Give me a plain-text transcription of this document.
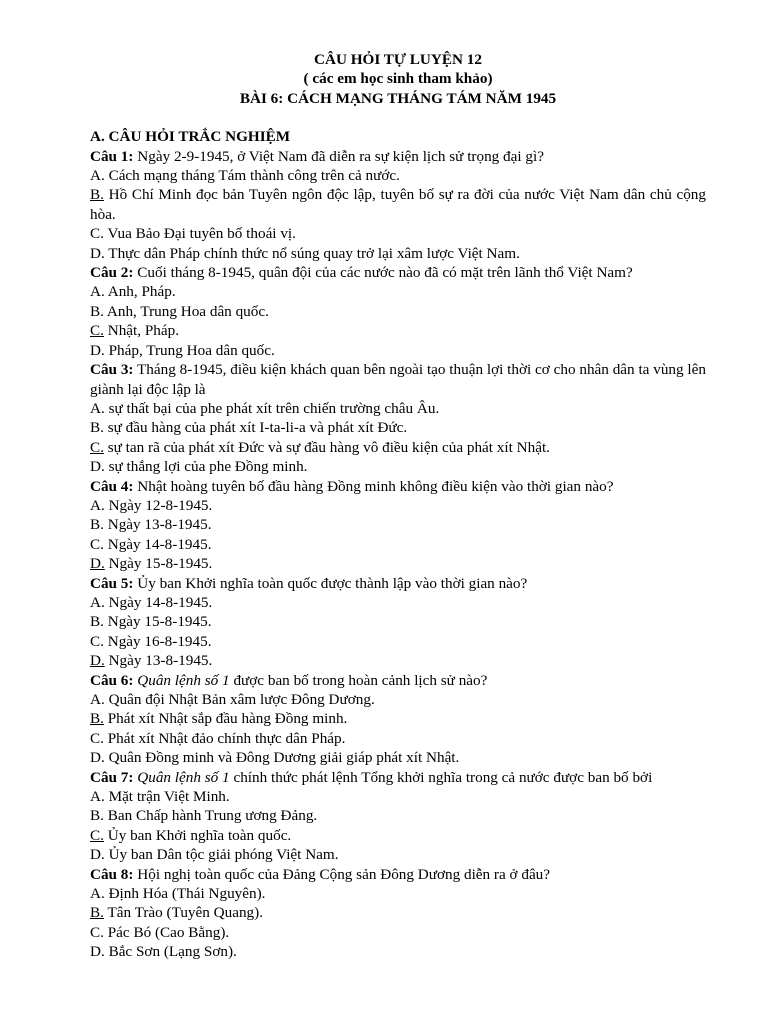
CÂU HỎI TỰ LUYỆN 12
( các em học sinh tham khảo)
BÀI 6: CÁCH MẠNG THÁNG TÁM NĂM 1945
A. CÂU HỎI TRẮC NGHIỆM
Câu 1: Ngày 2-9-1945, ở Việt Nam đã diễn ra sự kiện lịch sử trọng đại gì?
A. Cách mạng tháng Tám thành công trên cả nước.
B. Hồ Chí Minh đọc bản Tuyên ngôn độc lập, tuyên bố sự ra đời của nước Việt Nam dân chủ cộng hòa.
C. Vua Bảo Đại tuyên bố thoái vị.
D. Thực dân Pháp chính thức nổ súng quay trở lại xâm lược Việt Nam.
Câu 2: Cuối tháng 8-1945, quân đội của các nước nào đã có mặt trên lãnh thổ Việt Nam?
A. Anh, Pháp.
B. Anh, Trung Hoa dân quốc.
C. Nhật, Pháp.
D. Pháp, Trung Hoa dân quốc.
Câu 3: Tháng 8-1945, điều kiện khách quan bên ngoài tạo thuận lợi thời cơ cho nhân dân ta vùng lên giành lại độc lập là
A. sự thất bại của phe phát xít trên chiến trường châu Âu.
B. sự đầu hàng của phát xít I-ta-li-a và phát xít Đức.
C. sự tan rã của phát xít Đức và sự đầu hàng vô điều kiện của phát xít Nhật.
D. sự thắng lợi của phe Đồng minh.
Câu 4: Nhật hoàng tuyên bố đầu hàng Đồng minh không điều kiện vào thời gian nào?
A. Ngày 12-8-1945.
B. Ngày 13-8-1945.
C. Ngày 14-8-1945.
D. Ngày 15-8-1945.
Câu 5: Ủy ban Khởi nghĩa toàn quốc được thành lập vào thời gian nào?
A. Ngày 14-8-1945.
B. Ngày 15-8-1945.
C. Ngày 16-8-1945.
D. Ngày 13-8-1945.
Câu 6: Quân lệnh số 1 được ban bố trong hoàn cảnh lịch sử nào?
A. Quân đội Nhật Bản xâm lược Đông Dương.
B. Phát xít Nhật sắp đầu hàng Đồng minh.
C. Phát xít Nhật đảo chính thực dân Pháp.
D. Quân Đồng minh và Đông Dương giải giáp phát xít Nhật.
Câu 7: Quân lệnh số 1 chính thức phát lệnh Tổng khởi nghĩa trong cả nước được ban bố bởi
A. Mặt trận Việt Minh.
B. Ban Chấp hành Trung ương Đảng.
C. Ủy ban Khởi nghĩa toàn quốc.
D. Ủy ban Dân tộc giải phóng Việt Nam.
Câu 8: Hội nghị toàn quốc của Đảng Cộng sản Đông Dương diễn ra ở đâu?
A. Định Hóa (Thái Nguyên).
B. Tân Trào (Tuyên Quang).
C. Pác Bó (Cao Bằng).
D. Bắc Sơn (Lạng Sơn).
